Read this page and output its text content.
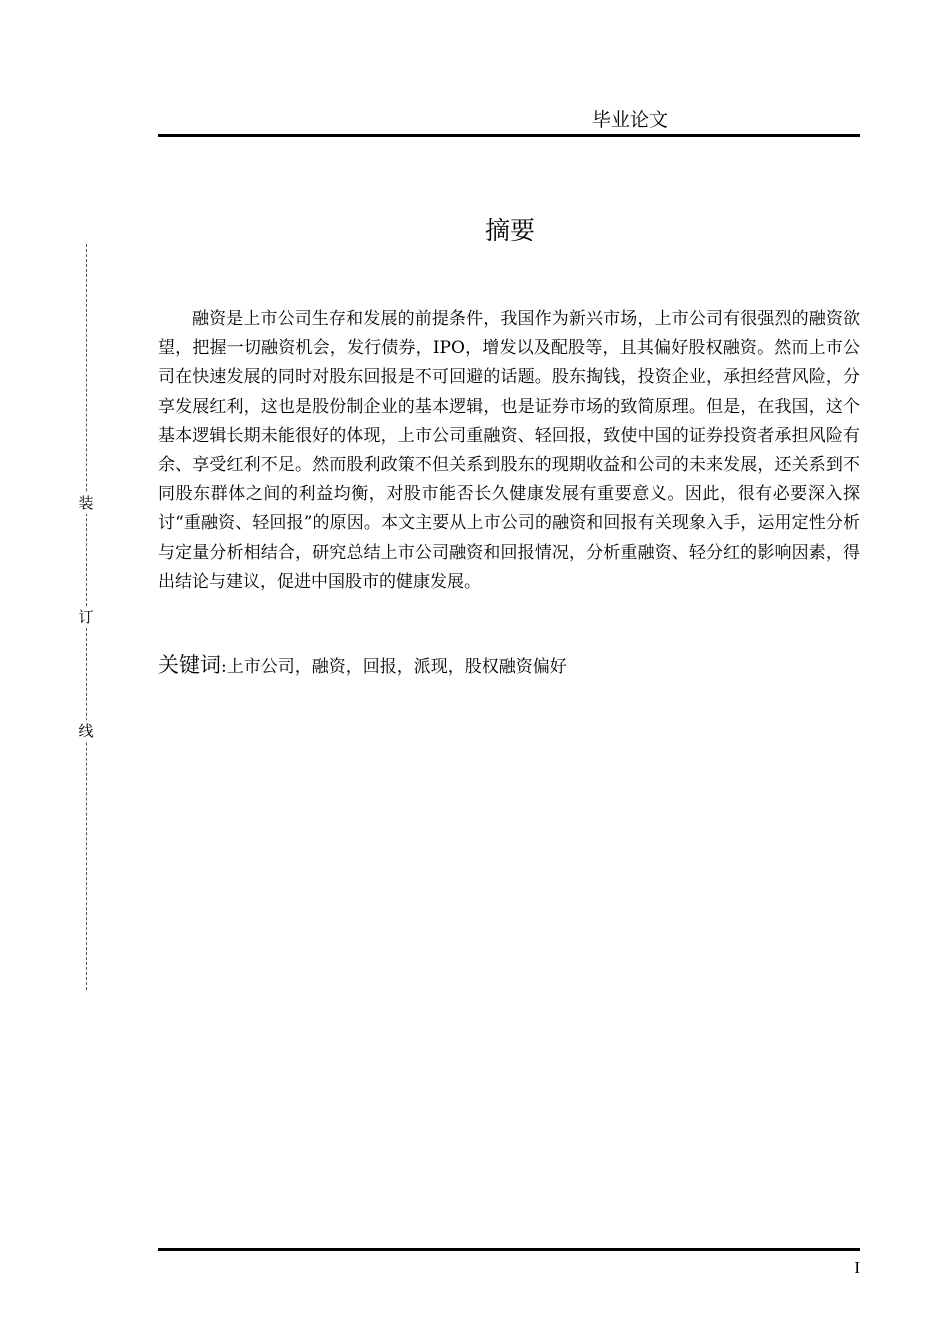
毕业论文
装
订
线
摘要

融资是上市公司生存和发展的前提条件，我国作为新兴市场，上市公司有很强烈的融资欲望，把握一切融资机会，发行债券，IPO，增发以及配股等，且其偏好股权融资。然而上市公司在快速发展的同时对股东回报是不可回避的话题。股东掏钱，投资企业，承担经营风险，分享发展红利，这也是股份制企业的基本逻辑，也是证券市场的致简原理。但是，在我国，这个基本逻辑长期未能很好的体现，上市公司重融资、轻回报，致使中国的证券投资者承担风险有余、享受红利不足。然而股利政策不但关系到股东的现期收益和公司的未来发展，还关系到不同股东群体之间的利益均衡，对股市能否长久健康发展有重要意义。因此，很有必要深入探讨“重融资、轻回报”的原因。本文主要从上市公司的融资和回报有关现象入手，运用定性分析与定量分析相结合，研究总结上市公司融资和回报情况，分析重融资、轻分红的影响因素，得出结论与建议，促进中国股市的健康发展。

关键词:上市公司，融资，回报，派现，股权融资偏好

I
